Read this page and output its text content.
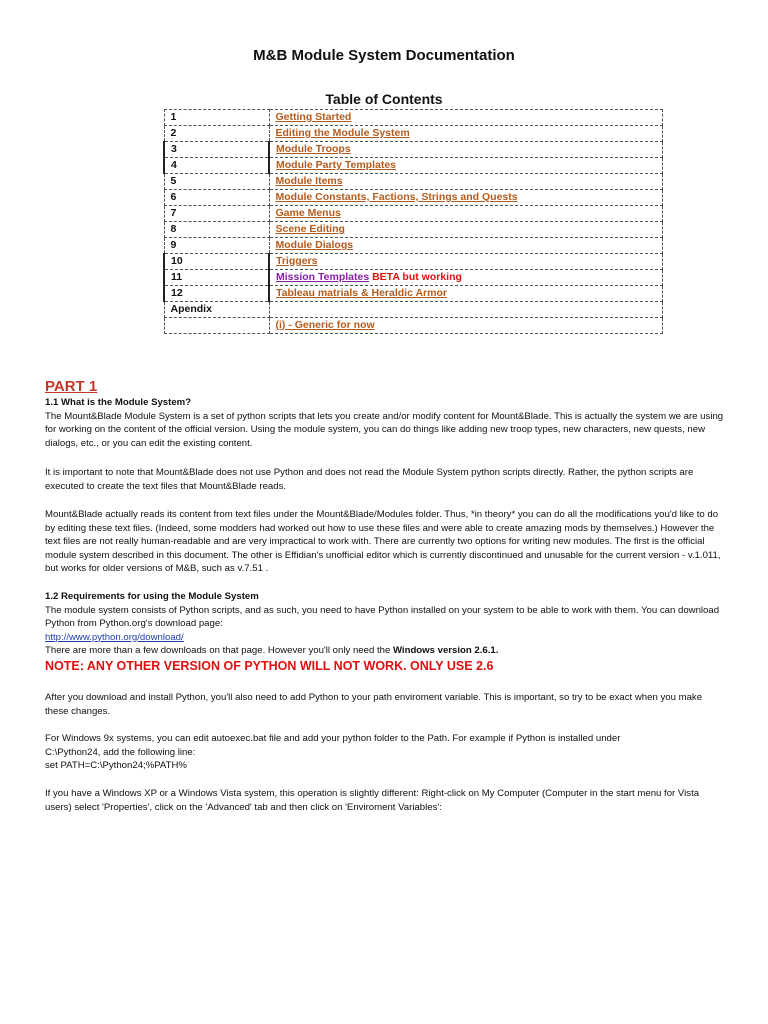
M&B Module System Documentation
Table of Contents
1	Getting Started
2	Editing the Module System
3	Module Troops
4	Module Party Templates
5	Module Items
6	Module Constants, Factions, Strings and Quests
7	Game Menus
8	Scene Editing
9	Module Dialogs
10	Triggers
11	Mission Templates BETA but working
12	Tableau matrials & Heraldic Armor
Apendix	
	(i) - Generic for now
PART 1

1.1 What is the Module System?

The Mount&Blade Module System is a set of python scripts that lets you create and/or modify content for Mount&Blade. This is actually the system we are using for working on the content of the official version. Using the module system, you can do things like adding new troop types, new characters, new quests, new dialogs, etc., or you can edit the existing content.

It is important to note that Mount&Blade does not use Python and does not read the Module System python scripts directly. Rather, the python scripts are executed to create the text files that Mount&Blade reads.

Mount&Blade actually reads its content from text files under the Mount&Blade/Modules folder. Thus, *in theory* you can do all the modifications you'd like to do by editing these text files. (Indeed, some modders had worked out how to use these files and were able to create amazing mods by themselves.) However the text files are not really human-readable and are very impractical to work with. There are currently two options for writing new modules. The first is the official module system described in this document. The other is Effidian's unofficial editor which is currently discontinued and unusable for the current version - v.1.011, but works for older versions of M&B, such as v.7.51 .

1.2 Requirements for using the Module System

The module system consists of Python scripts, and as such, you need to have Python installed on your system to be able to work with them. You can download Python from Python.org's download page:

http://www.python.org/download/

There are more than a few downloads on that page. However you'll only need the Windows version 2.6.1.

NOTE: ANY OTHER VERSION OF PYTHON WILL NOT WORK. ONLY USE 2.6

After you download and install Python, you'll also need to add Python to your path enviroment variable. This is important, so try to be exact when you make these changes.

For Windows 9x systems, you can edit autoexec.bat file and add your python folder to the Path. For example if Python is installed under

C:\Python24, add the following line:

set PATH=C:\Python24;%PATH%

If you have a Windows XP or a Windows Vista system, this operation is slightly different: Right-click on My Computer (Computer in the start menu for Vista users) select 'Properties', click on the 'Advanced' tab and then click on 'Enviroment Variables':
